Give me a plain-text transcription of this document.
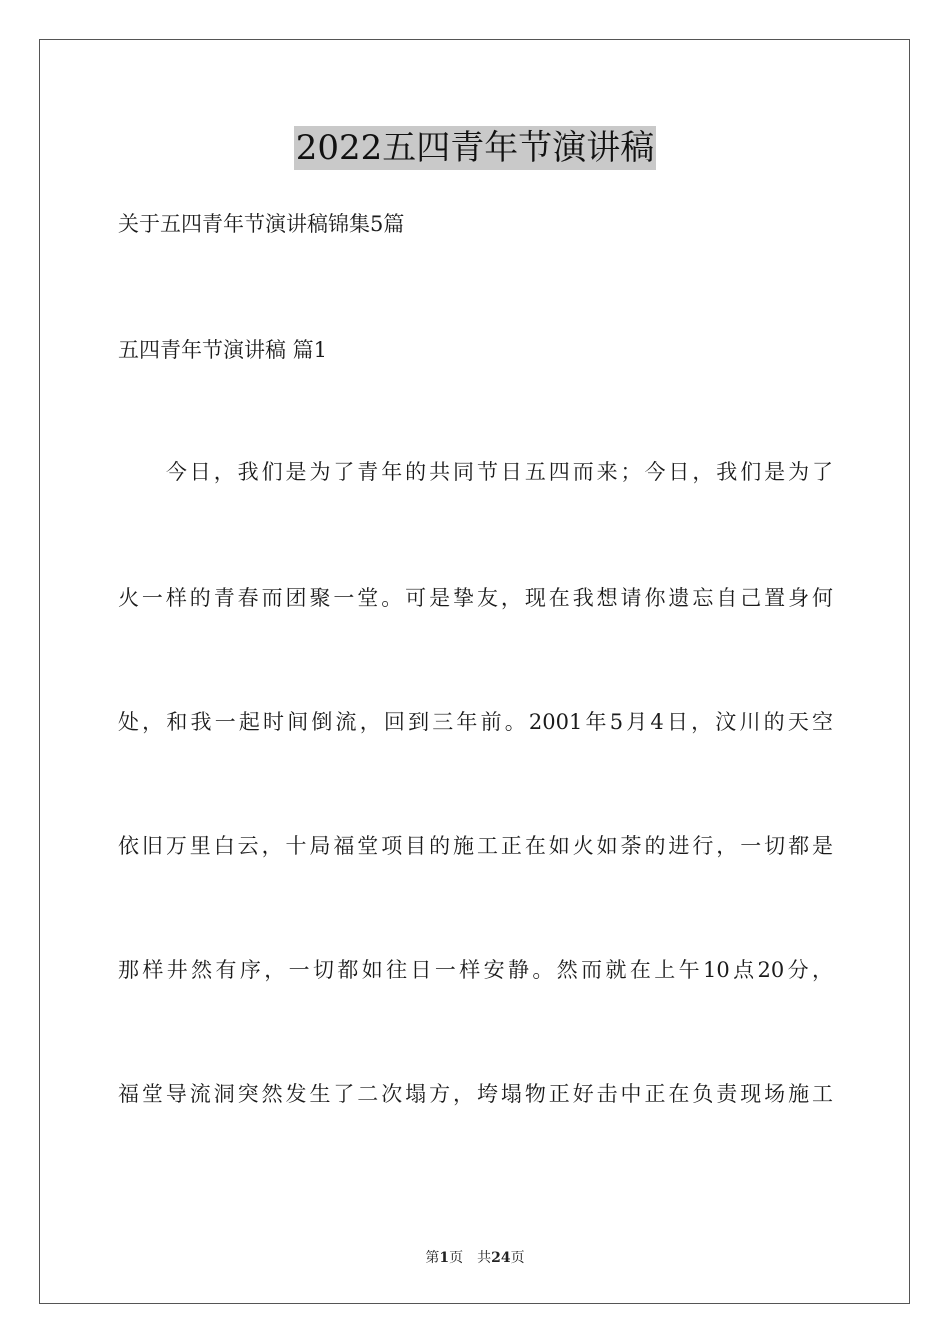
2022五四青年节演讲稿
关于五四青年节演讲稿锦集5篇
五四青年节演讲稿 篇1
　　今日，我们是为了青年的共同节日五四而来；今日，我们是为了
火一样的青春而团聚一堂。可是挚友，现在我想请你遗忘自己置身何
处，和我一起时间倒流，回到三年前。2001年5月4日，汶川的天空
依旧万里白云，十局福堂项目的施工正在如火如荼的进行，一切都是
那样井然有序，一切都如往日一样安静。然而就在上午10点20分，
福堂导流洞突然发生了二次塌方，垮塌物正好击中正在负责现场施工
第1页　共24页
